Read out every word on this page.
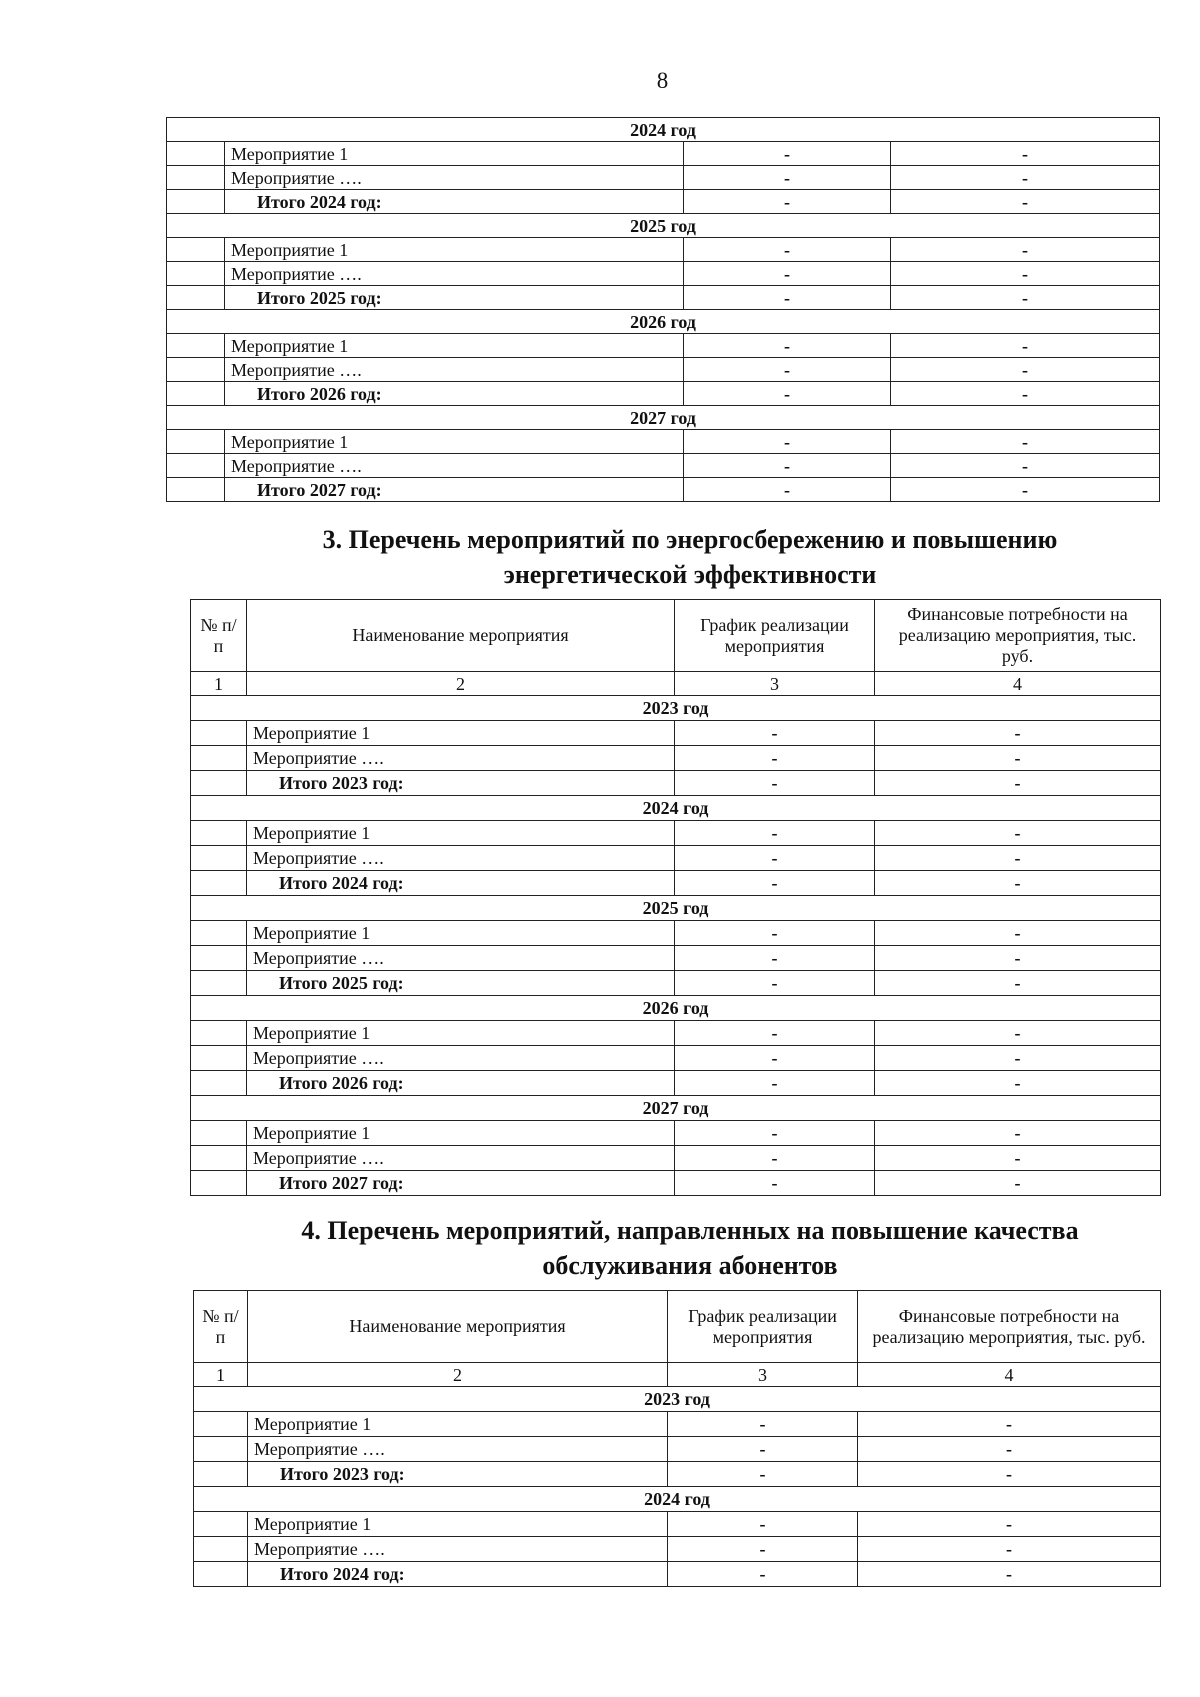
8
2024 год			
	Мероприятие 1	-	-
	Мероприятие ….	-	-
	Итого 2024 год:	-	-
2025 год			
	Мероприятие 1	-	-
	Мероприятие ….	-	-
	Итого 2025 год:	-	-
2026 год			
	Мероприятие 1	-	-
	Мероприятие ….	-	-
	Итого 2026 год:	-	-
2027 год			
	Мероприятие 1	-	-
	Мероприятие ….	-	-
	Итого 2027 год:	-	-
3. Перечень мероприятий по энергосбережению и повышению
энергетической эффективности
№ п/п	Наименование мероприятия	График реализации мероприятия	Финансовые потребности на реализацию мероприятия, тыс. руб.
1	2	3	4
2023 год			
	Мероприятие 1	-	-
	Мероприятие ….	-	-
	Итого 2023 год:	-	-
2024 год			
	Мероприятие 1	-	-
	Мероприятие ….	-	-
	Итого 2024 год:	-	-
2025 год			
	Мероприятие 1	-	-
	Мероприятие ….	-	-
	Итого 2025 год:	-	-
2026 год			
	Мероприятие 1	-	-
	Мероприятие ….	-	-
	Итого 2026 год:	-	-
2027 год			
	Мероприятие 1	-	-
	Мероприятие ….	-	-
	Итого 2027 год:	-	-
4. Перечень мероприятий, направленных на повышение качества
обслуживания абонентов
№ п/п	Наименование мероприятия	График реализации мероприятия	Финансовые потребности на реализацию мероприятия, тыс. руб.
1	2	3	4
2023 год			
	Мероприятие 1	-	-
	Мероприятие ….	-	-
	Итого 2023 год:	-	-
2024 год			
	Мероприятие 1	-	-
	Мероприятие ….	-	-
	Итого 2024 год:	-	-
